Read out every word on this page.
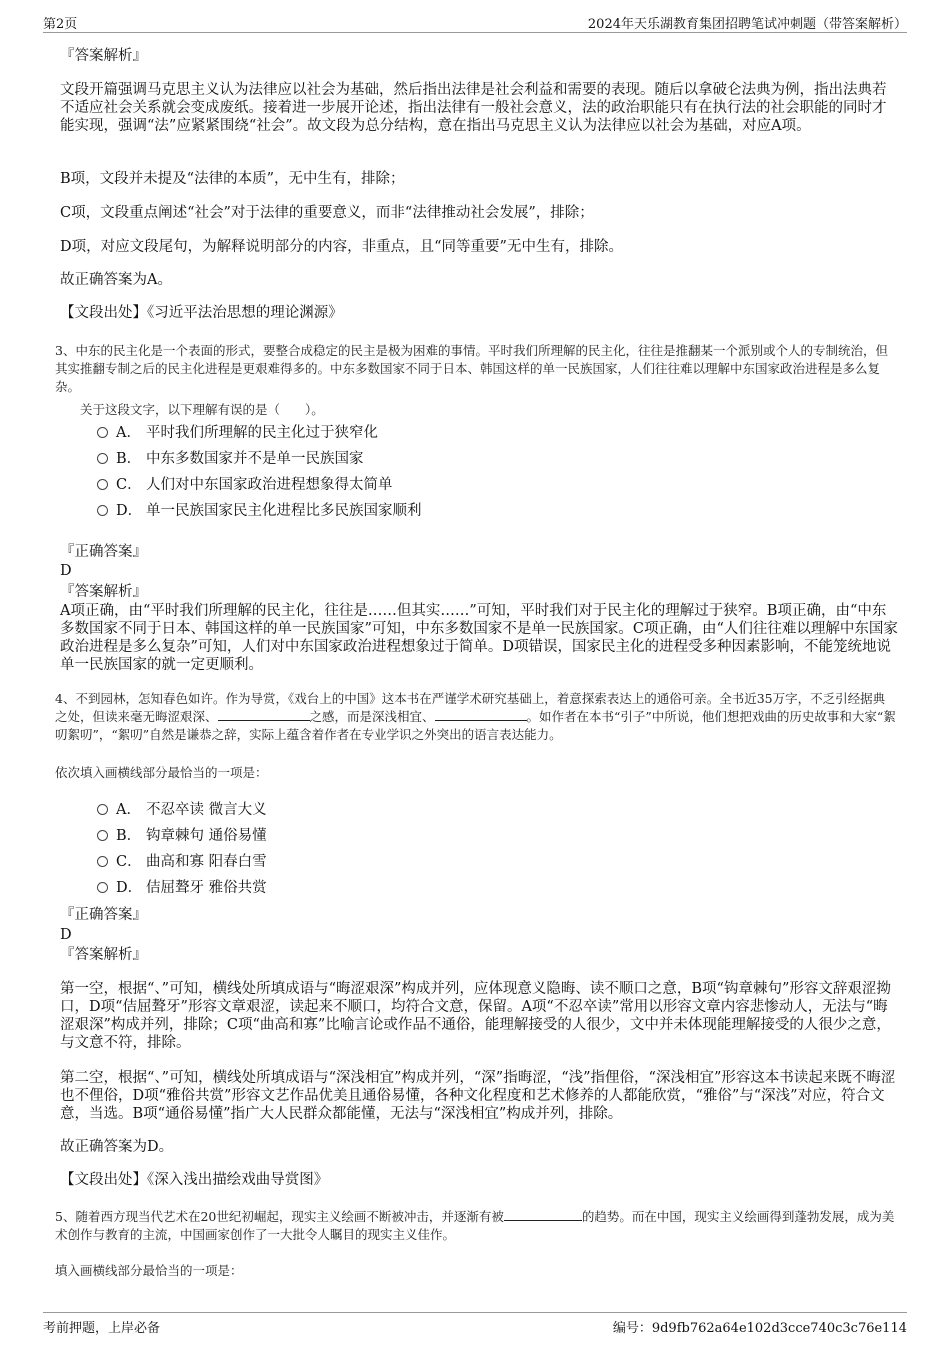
第2页	2024年天乐湖教育集团招聘笔试冲刺题（带答案解析）

『答案解析』

文段开篇强调马克思主义认为法律应以社会为基础，然后指出法律是社会利益和需要的表现。随后以拿破仑法典为例，指出法典若不适应社会关系就会变成废纸。接着进一步展开论述，指出法律有一般社会意义，法的政治职能只有在执行法的社会职能的同时才能实现，强调“法”应紧紧围绕“社会”。故文段为总分结构，意在指出马克思主义认为法律应以社会为基础，对应A项。

B项，文段并未提及“法律的本质”，无中生有，排除；

C项，文段重点阐述“社会”对于法律的重要意义，而非“法律推动社会发展”，排除；

D项，对应文段尾句，为解释说明部分的内容，非重点，且“同等重要”无中生有，排除。

故正确答案为A。

【文段出处】《习近平法治思想的理论渊源》

3、中东的民主化是一个表面的形式，要整合成稳定的民主是极为困难的事情。平时我们所理解的民主化，往往是推翻某一个派别或个人的专制统治，但其实推翻专制之后的民主化进程是更艰难得多的。中东多数国家不同于日本、韩国这样的单一民族国家，人们往往难以理解中东国家政治进程是多么复杂。

关于这段文字，以下理解有误的是（　　）。

A． 平时我们所理解的民主化过于狭窄化
B． 中东多数国家并不是单一民族国家
C． 人们对中东国家政治进程想象得太简单
D． 单一民族国家民主化进程比多民族国家顺利

『正确答案』

D

『答案解析』

A项正确，由“平时我们所理解的民主化，往往是……但其实……”可知，平时我们对于民主化的理解过于狭窄。B项正确，由“中东多数国家不同于日本、韩国这样的单一民族国家”可知，中东多数国家不是单一民族国家。C项正确，由“人们往往难以理解中东国家政治进程是多么复杂”可知，人们对中东国家政治进程想象过于简单。D项错误，国家民主化的进程受多种因素影响，不能笼统地说单一民族国家的就一定更顺利。

4、不到园林，怎知春色如许。作为导赏，《戏台上的中国》这本书在严谨学术研究基础上，着意探索表达上的通俗可亲。全书近35万字，不乏引经据典之处，但读来毫无晦涩艰深、	之感，而是深浅相宜、	。如作者在本书“引子”中所说，他们想把戏曲的历史故事和大家“絮叨絮叨”，“絮叨”自然是谦恭之辞，实际上蕴含着作者在专业学识之外突出的语言表达能力。

依次填入画横线部分最恰当的一项是：

A． 不忍卒读 微言大义
B． 钩章棘句 通俗易懂
C． 曲高和寡 阳春白雪
D． 佶屈聱牙 雅俗共赏

『正确答案』

D

『答案解析』

第一空，根据“、”可知，横线处所填成语与“晦涩艰深”构成并列，应体现意义隐晦、读不顺口之意，B项“钩章棘句”形容文辞艰涩拗口，D项“佶屈聱牙”形容文章艰涩，读起来不顺口，均符合文意，保留。A项“不忍卒读”常用以形容文章内容悲惨动人，无法与“晦涩艰深”构成并列，排除；C项“曲高和寡”比喻言论或作品不通俗，能理解接受的人很少，文中并未体现能理解接受的人很少之意，与文意不符，排除。

第二空，根据“、”可知，横线处所填成语与“深浅相宜”构成并列，“深”指晦涩，“浅”指俚俗，“深浅相宜”形容这本书读起来既不晦涩也不俚俗，D项“雅俗共赏”形容文艺作品优美且通俗易懂，各种文化程度和艺术修养的人都能欣赏，“雅俗”与“深浅”对应，符合文意，当选。B项“通俗易懂”指广大人民群众都能懂，无法与“深浅相宜”构成并列，排除。

故正确答案为D。

【文段出处】《深入浅出描绘戏曲导赏图》

5、随着西方现当代艺术在20世纪初崛起，现实主义绘画不断被冲击，并逐渐有被	的趋势。而在中国，现实主义绘画得到蓬勃发展，成为美术创作与教育的主流，中国画家创作了一大批令人瞩目的现实主义佳作。

填入画横线部分最恰当的一项是：

考前押题，上岸必备	编号：9d9fb762a64e102d3cce740c3c76e114
